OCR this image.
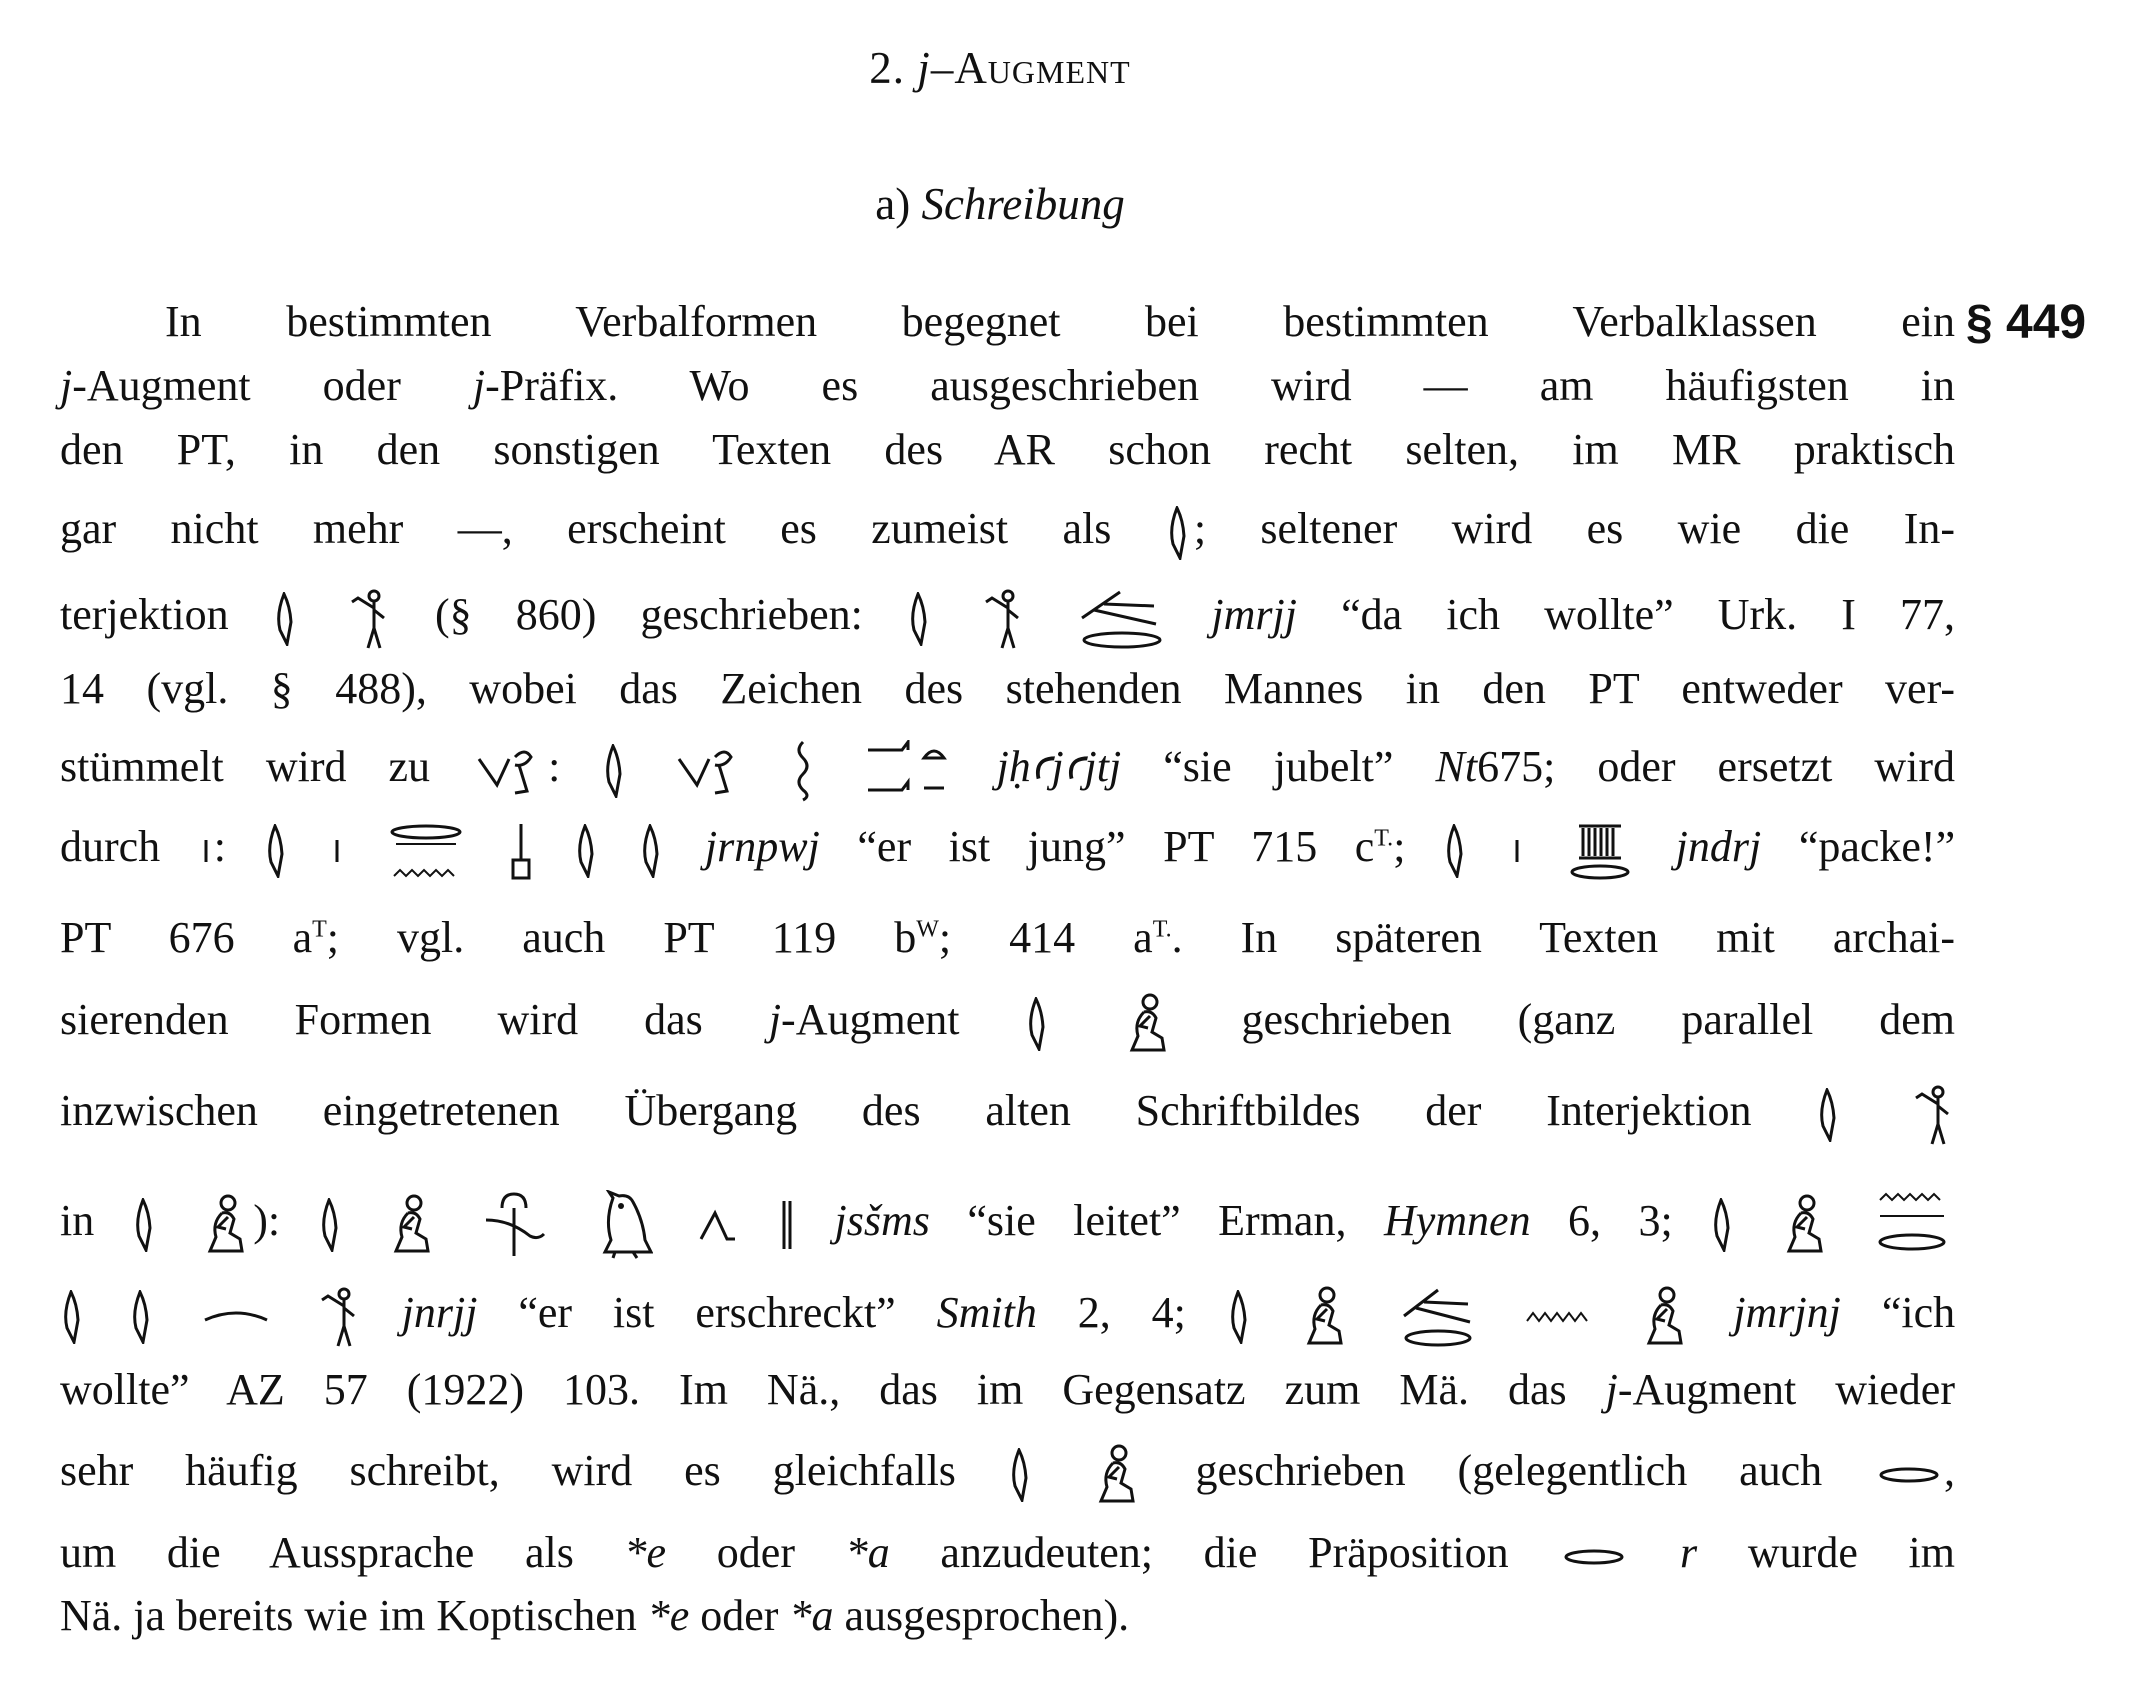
2. j–Augment
a) Schreibung
§ 449
In bestimmten Verbalformen begegnet bei bestimmten Verbalklassen ein
j-Augment oder j-Präfix. Wo es ausgeschrieben wird — am häufigsten in
den PT, in den sonstigen Texten des AR schon recht selten, im MR praktisch
gar nicht mehr —, erscheint es zumeist als ; seltener wird es wie die In-
terjektion
	(§ 860) geschrieben:

	jmrjj “da ich wollte” Urk. I 77,
14 (vgl. § 488), wobei das Zeichen des stehenden Mannes in den PT entweder ver-
stümmelt wird zu	:

	jḥꜥjꜥjtj “sie jubelt” Nt675; oder ersetzt wird
durch :

	jrnpwj “er ist jung” PT 715 $c^{T.}$;

	jndrj “packe!”
PT 676 $a^T$; vgl. auch PT 119 $b^W$; 414 $a^{T.}$. In späteren Texten mit archai-
sierenden Formen wird das j-Augment
	geschrieben (ganz parallel dem
inzwischen eingetretenen Übergang des alten Schriftbildes der Interjektion

in
	):

	jsšms “sie leitet” Erman, Hymnen 6, 3;

jnrjj “er ist erschreckt” Smith 2, 4;

	jmrjnj “ich
wollte” AZ 57 (1922) 103. Im Nä., das im Gegensatz zum Mä. das j-Augment wieder
sehr häufig schreibt, wird es gleichfalls
	geschrieben (gelegentlich auch	,
um die Aussprache als *e oder *a anzudeuten; die Präposition	r wurde im
Nä. ja bereits wie im Koptischen *e oder *a ausgesprochen).
